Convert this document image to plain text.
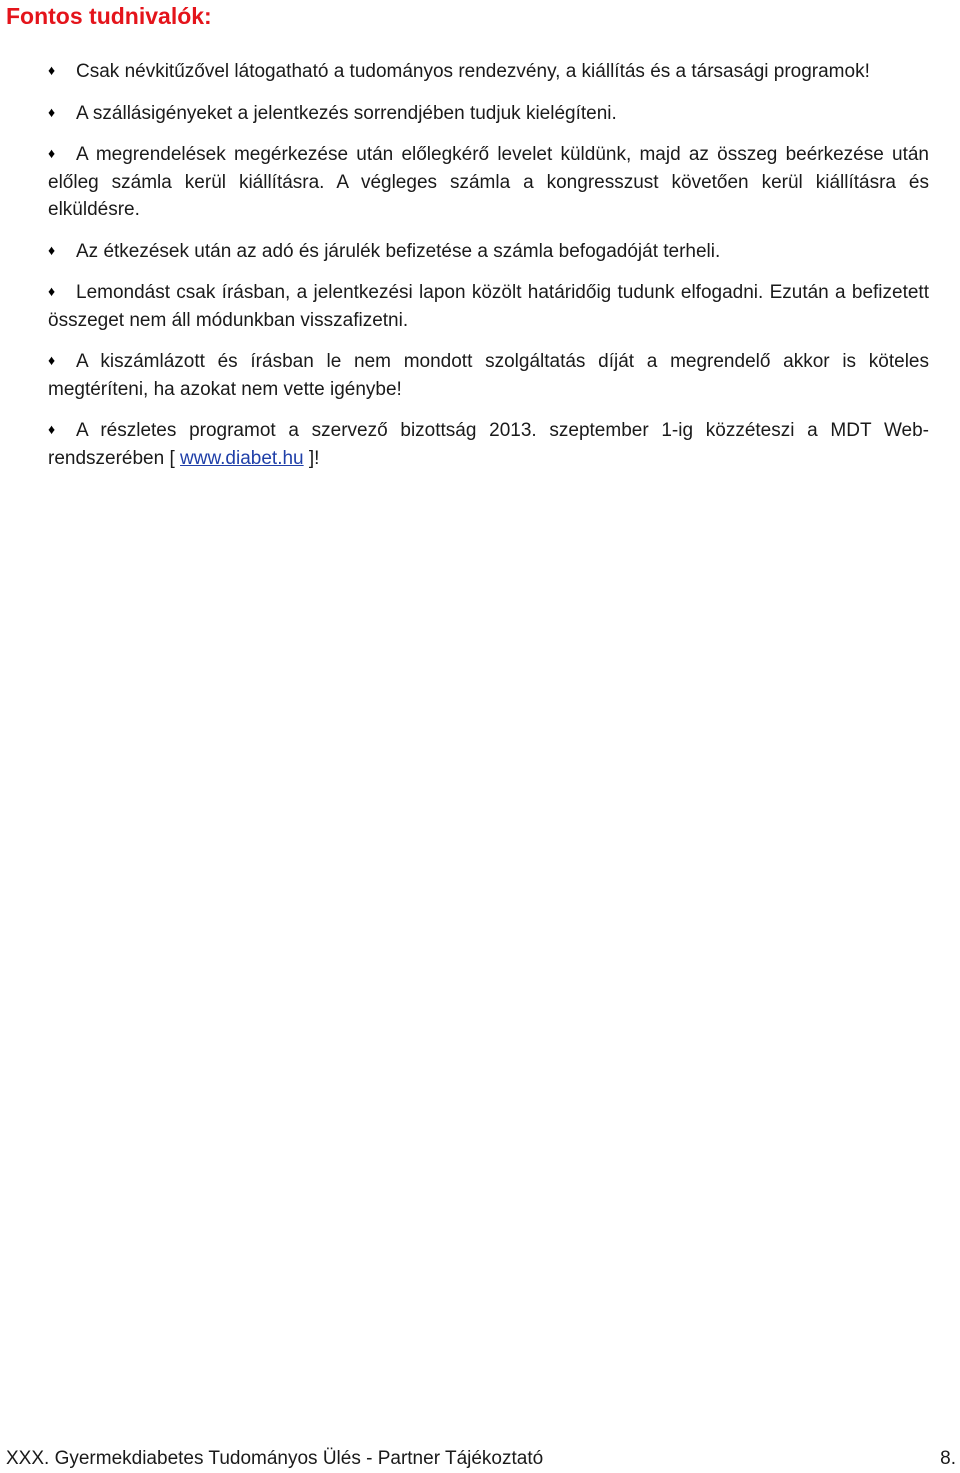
Fontos tudnivalók:
♦ Csak névkitűzővel látogatható a tudományos rendezvény, a kiállítás és a társasági programok!
♦ A szállásigényeket a jelentkezés sorrendjében tudjuk kielégíteni.
♦ A megrendelések megérkezése után előlegkérő levelet küldünk, majd az összeg beérkezése után előleg számla kerül kiállításra. A végleges számla a kongresszust követően kerül kiállításra és elküldésre.
♦ Az étkezések után az adó és járulék befizetése a számla befogadóját terheli.
♦ Lemondást csak írásban, a jelentkezési lapon közölt határidőig tudunk elfogadni. Ezután a befizetett összeget nem áll módunkban visszafizetni.
♦ A kiszámlázott és írásban le nem mondott szolgáltatás díját a megrendelő akkor is köteles megtéríteni, ha azokat nem vette igénybe!
♦ A részletes programot a szervező bizottság 2013. szeptember 1-ig közzéteszi a MDT Web-rendszerében [ www.diabet.hu ]!
XXX. Gyermekdiabetes Tudományos Ülés - Partner Tájékoztató	8.
